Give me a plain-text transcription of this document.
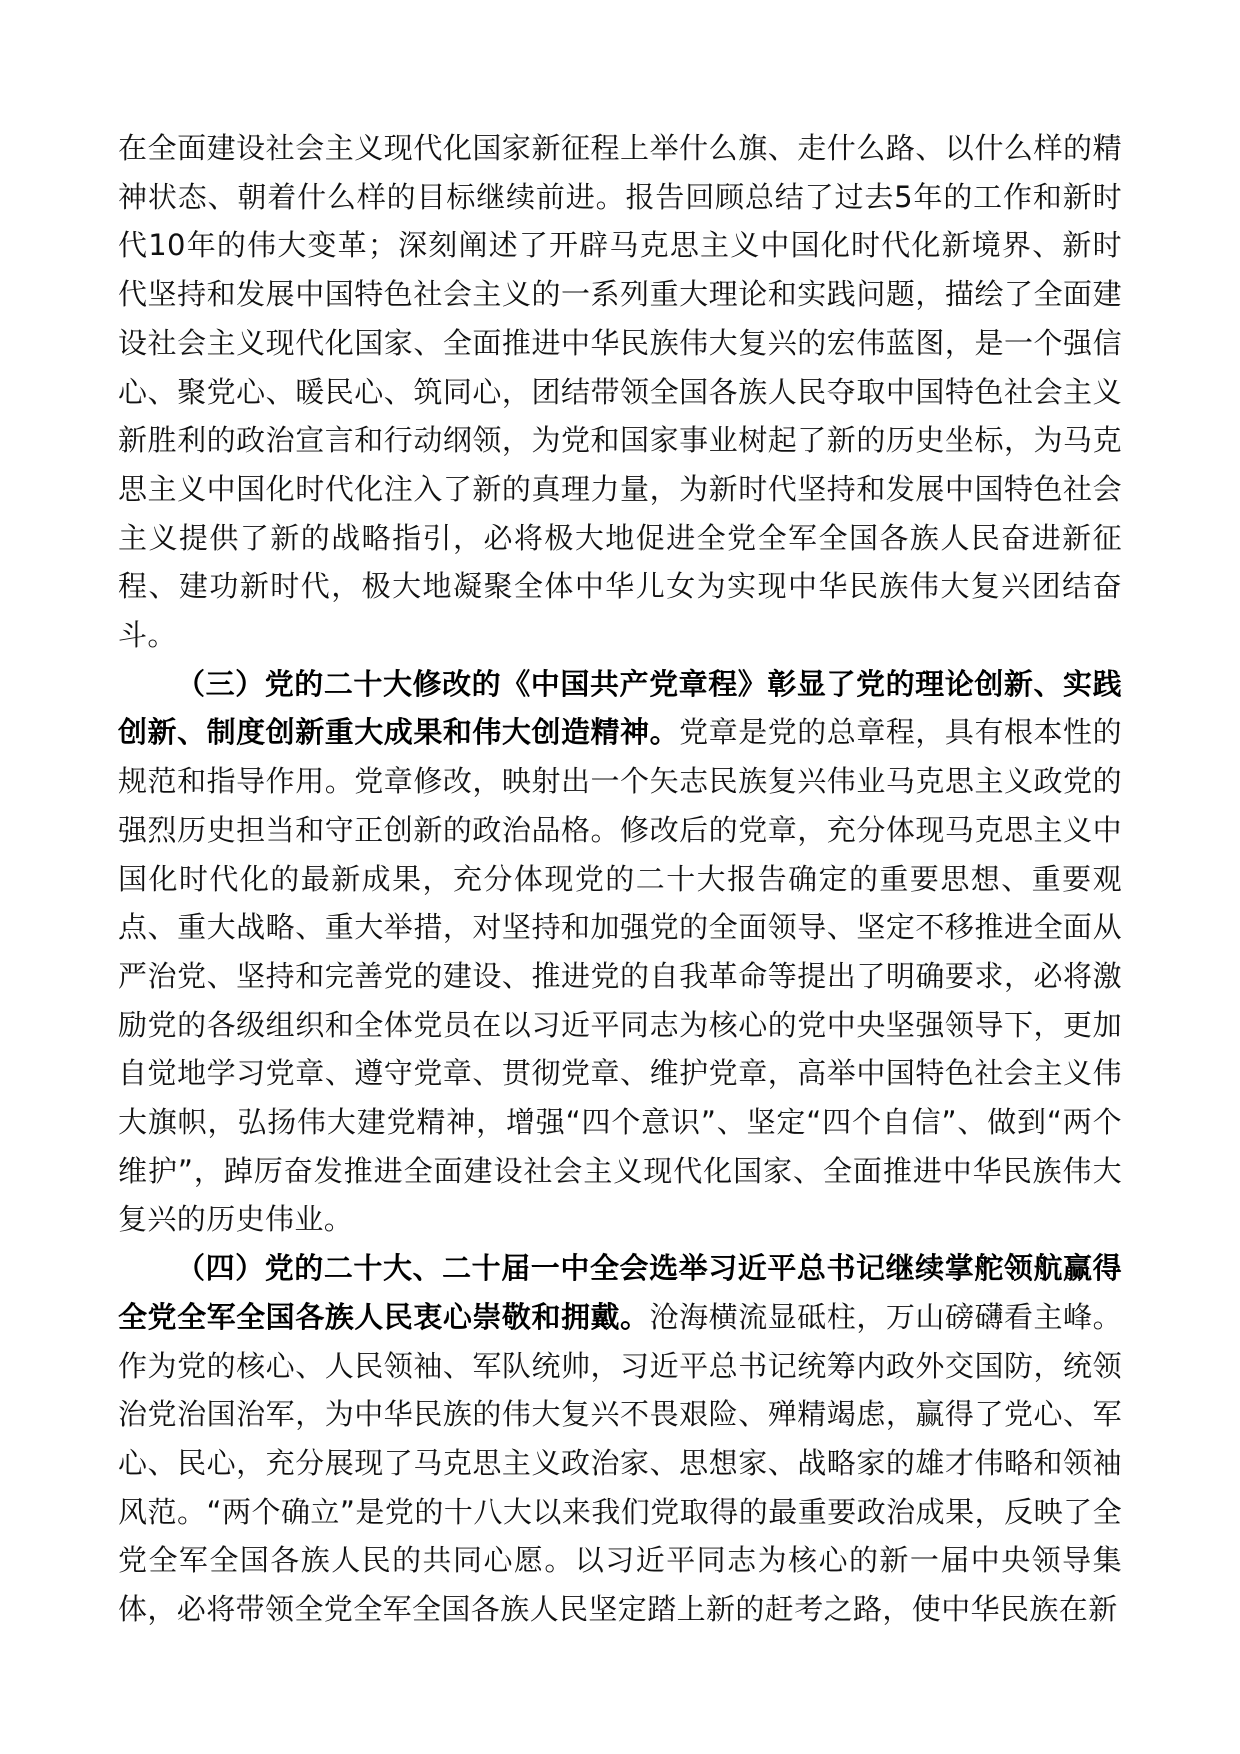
在全面建设社会主义现代化国家新征程上举什么旗、走什么路、以什么样的精神状态、朝着什么样的目标继续前进。报告回顾总结了过去5年的工作和新时代10年的伟大变革；深刻阐述了开辟马克思主义中国化时代化新境界、新时代坚持和发展中国特色社会主义的一系列重大理论和实践问题，描绘了全面建设社会主义现代化国家、全面推进中华民族伟大复兴的宏伟蓝图，是一个强信心、聚党心、暖民心、筑同心，团结带领全国各族人民夺取中国特色社会主义新胜利的政治宣言和行动纲领，为党和国家事业树起了新的历史坐标，为马克思主义中国化时代化注入了新的真理力量，为新时代坚持和发展中国特色社会主义提供了新的战略指引，必将极大地促进全党全军全国各族人民奋进新征程、建功新时代，极大地凝聚全体中华儿女为实现中华民族伟大复兴团结奋斗。

（三）党的二十大修改的《中国共产党章程》彰显了党的理论创新、实践创新、制度创新重大成果和伟大创造精神。党章是党的总章程，具有根本性的规范和指导作用。党章修改，映射出一个矢志民族复兴伟业马克思主义政党的强烈历史担当和守正创新的政治品格。修改后的党章，充分体现马克思主义中国化时代化的最新成果，充分体现党的二十大报告确定的重要思想、重要观点、重大战略、重大举措，对坚持和加强党的全面领导、坚定不移推进全面从严治党、坚持和完善党的建设、推进党的自我革命等提出了明确要求，必将激励党的各级组织和全体党员在以习近平同志为核心的党中央坚强领导下，更加自觉地学习党章、遵守党章、贯彻党章、维护党章，高举中国特色社会主义伟大旗帜，弘扬伟大建党精神，增强“四个意识”、坚定“四个自信”、做到“两个维护”，踔厉奋发推进全面建设社会主义现代化国家、全面推进中华民族伟大复兴的历史伟业。

（四）党的二十大、二十届一中全会选举习近平总书记继续掌舵领航赢得全党全军全国各族人民衷心崇敬和拥戴。沧海横流显砥柱，万山磅礴看主峰。作为党的核心、人民领袖、军队统帅，习近平总书记统筹内政外交国防，统领治党治国治军，为中华民族的伟大复兴不畏艰险、殚精竭虑，赢得了党心、军心、民心，充分展现了马克思主义政治家、思想家、战略家的雄才伟略和领袖风范。“两个确立”是党的十八大以来我们党取得的最重要政治成果，反映了全党全军全国各族人民的共同心愿。以习近平同志为核心的新一届中央领导集体，必将带领全党全军全国各族人民坚定踏上新的赶考之路，使中华民族在新
